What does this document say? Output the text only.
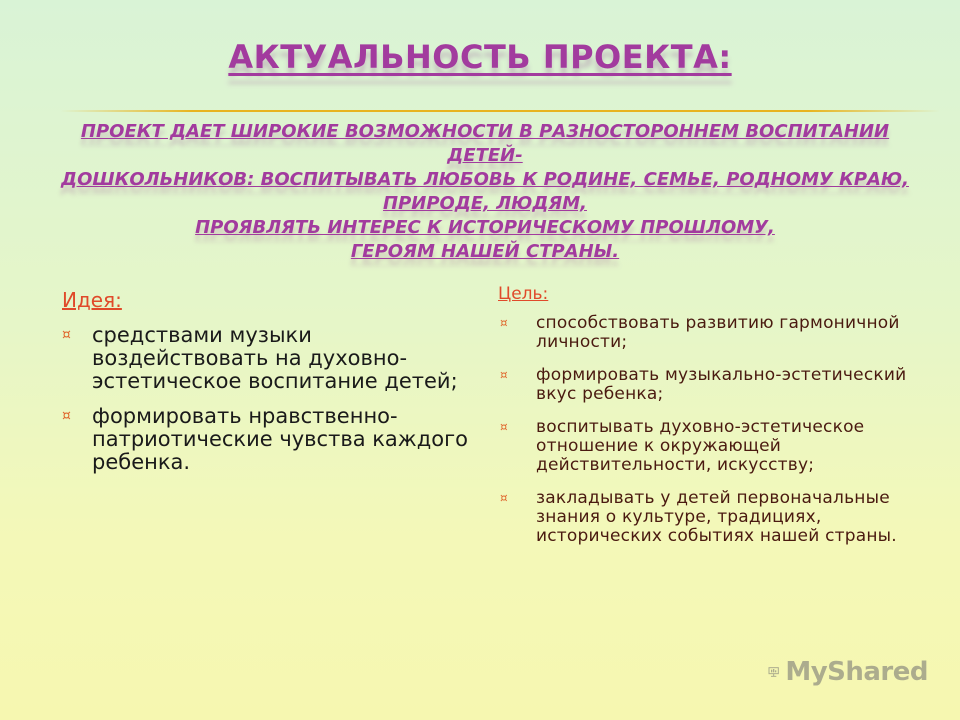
АКТУАЛЬНОСТЬ ПРОЕКТА:
ПРОЕКТ ДАЕТ ШИРОКИЕ ВОЗМОЖНОСТИ В РАЗНОСТОРОННЕМ ВОСПИТАНИИ ДЕТЕЙ-
ДОШКОЛЬНИКОВ: ВОСПИТЫВАТЬ ЛЮБОВЬ К РОДИНЕ, СЕМЬЕ, РОДНОМУ КРАЮ,
ПРИРОДЕ, ЛЮДЯМ,
ПРОЯВЛЯТЬ ИНТЕРЕС К ИСТОРИЧЕСКОМУ ПРОШЛОМУ,
ГЕРОЯМ НАШЕЙ СТРАНЫ.
Идея:
¤ средствами музыки воздействовать на духовно-эстетическое воспитание детей;
¤ формировать нравственно-патриотические чувства каждого ребенка.
Цель:
¤ способствовать развитию гармоничной личности;
¤ формировать музыкально-эстетический вкус ребенка;
¤ воспитывать духовно-эстетическое отношение к окружающей действительности, искусству;
¤ закладывать у детей первоначальные знания о культуре, традициях, исторических событиях нашей страны.
MyShared
